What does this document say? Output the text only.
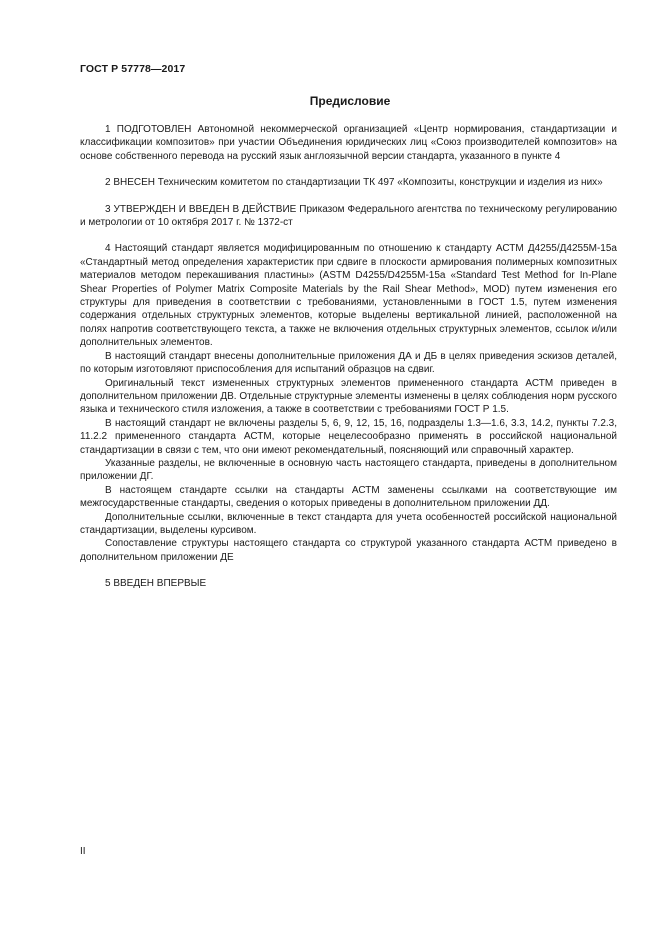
ГОСТ Р 57778—2017
Предисловие

1 ПОДГОТОВЛЕН Автономной некоммерческой организацией «Центр нормирования, стандартизации и классификации композитов» при участии Объединения юридических лиц «Союз производителей композитов» на основе собственного перевода на русский язык англоязычной версии стандарта, указанного в пункте 4

2 ВНЕСЕН Техническим комитетом по стандартизации ТК 497 «Композиты, конструкции и изделия из них»

3 УТВЕРЖДЕН И ВВЕДЕН В ДЕЙСТВИЕ Приказом Федерального агентства по техническому регулированию и метрологии от 10 октября 2017 г. № 1372-ст

4 Настоящий стандарт является модифицированным по отношению к стандарту АСТМ Д4255/Д4255М-15а «Стандартный метод определения характеристик при сдвиге в плоскости армирования полимерных композитных материалов методом перекашивания пластины» (ASTM D4255/D4255M-15a «Standard Test Method for In-Plane Shear Properties of Polymer Matrix Composite Materials by the Rail Shear Method», MOD) путем изменения его структуры для приведения в соответствии с требованиями, установленными в ГОСТ 1.5, путем изменения содержания отдельных структурных элементов, которые выделены вертикальной линией, расположенной на полях напротив соответствующего текста, а также не включения отдельных структурных элементов, ссылок и/или дополнительных элементов.

В настоящий стандарт внесены дополнительные приложения ДА и ДБ в целях приведения эскизов деталей, по которым изготовляют приспособления для испытаний образцов на сдвиг.

Оригинальный текст измененных структурных элементов примененного стандарта АСТМ приведен в дополнительном приложении ДВ. Отдельные структурные элементы изменены в целях соблюдения норм русского языка и технического стиля изложения, а также в соответствии с требованиями ГОСТ Р 1.5.

В настоящий стандарт не включены разделы 5, 6, 9, 12, 15, 16, подразделы 1.3—1.6, 3.3, 14.2, пункты 7.2.3, 11.2.2 примененного стандарта АСТМ, которые нецелесообразно применять в российской национальной стандартизации в связи с тем, что они имеют рекомендательный, поясняющий или справочный характер.

Указанные разделы, не включенные в основную часть настоящего стандарта, приведены в дополнительном приложении ДГ.

В настоящем стандарте ссылки на стандарты АСТМ заменены ссылками на соответствующие им межгосударственные стандарты, сведения о которых приведены в дополнительном приложении ДД.

Дополнительные ссылки, включенные в текст стандарта для учета особенностей российской национальной стандартизации, выделены курсивом.

Сопоставление структуры настоящего стандарта со структурой указанного стандарта АСТМ приведено в дополнительном приложении ДЕ

5 ВВЕДЕН ВПЕРВЫЕ

II
